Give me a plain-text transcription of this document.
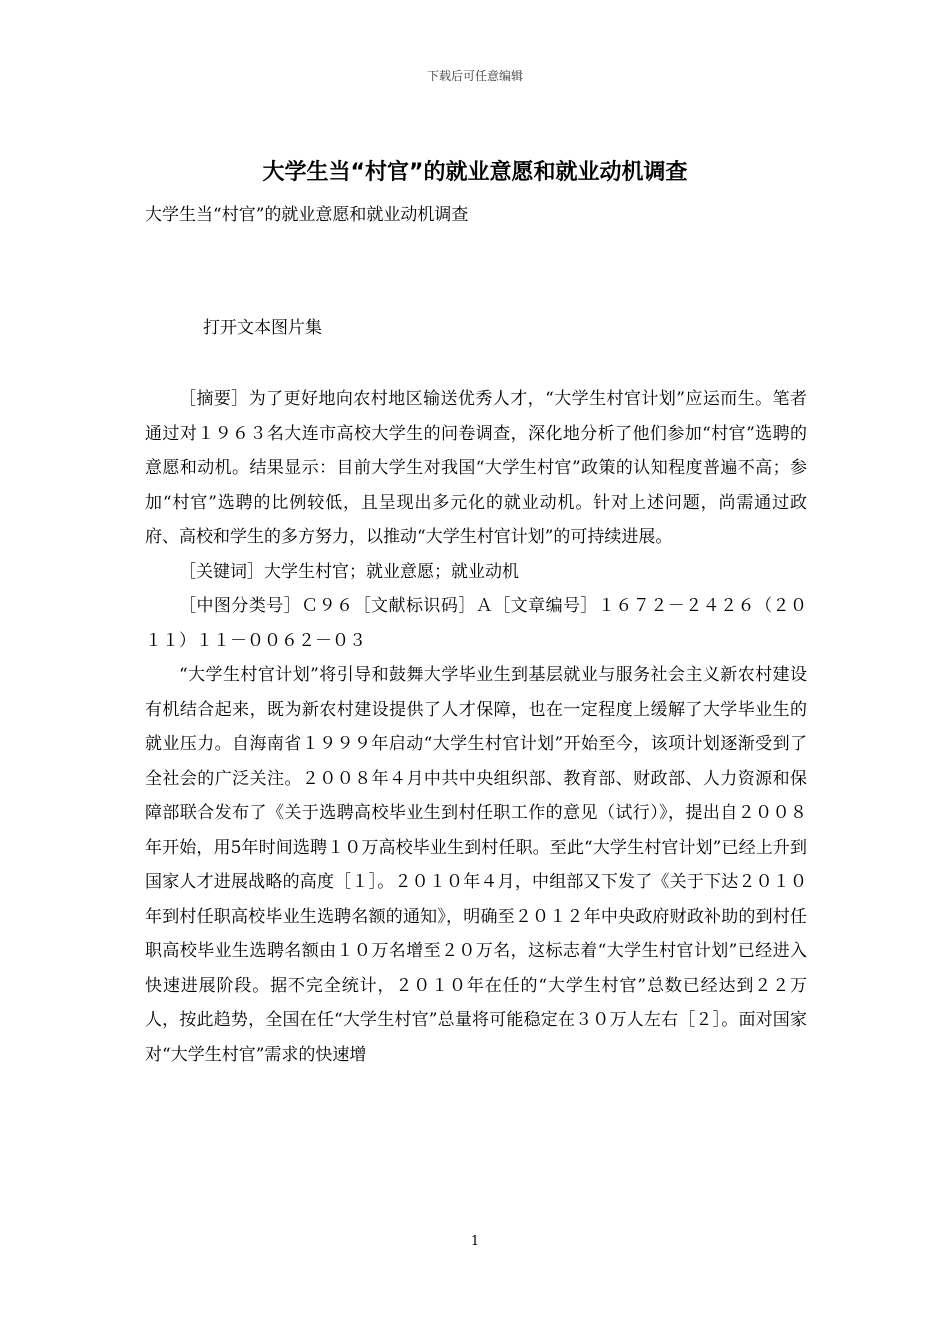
下载后可任意编辑
大学生当“村官”的就业意愿和就业动机调查
大学生当“村官”的就业意愿和就业动机调查
打开文本图片集

［摘要］为了更好地向农村地区输送优秀人才，“大学生村官计划”应运而生。笔者通过对１９６３名大连市高校大学生的问卷调查，深化地分析了他们参加“村官”选聘的意愿和动机。结果显示：目前大学生对我国“大学生村官”政策的认知程度普遍不高；参加“村官”选聘的比例较低，且呈现出多元化的就业动机。针对上述问题，尚需通过政府、高校和学生的多方努力，以推动“大学生村官计划”的可持续进展。

［关键词］大学生村官；就业意愿；就业动机

［中图分类号］Ｃ９６［文献标识码］Ａ［文章编号］１６７２－２４２６（２０１１）１１－００６２－０３

“大学生村官计划”将引导和鼓舞大学毕业生到基层就业与服务社会主义新农村建设有机结合起来，既为新农村建设提供了人才保障，也在一定程度上缓解了大学毕业生的就业压力。自海南省１９９９年启动“大学生村官计划”开始至今，该项计划逐渐受到了全社会的广泛关注。２００８年４月中共中央组织部、教育部、财政部、人力资源和保障部联合发布了《关于选聘高校毕业生到村任职工作的意见（试行）》，提出自２００８年开始，用5年时间选聘１０万高校毕业生到村任职。至此“大学生村官计划”已经上升到国家人才进展战略的高度［１］。２０１０年４月，中组部又下发了《关于下达２０１０年到村任职高校毕业生选聘名额的通知》，明确至２０１２年中央政府财政补助的到村任职高校毕业生选聘名额由１０万名增至２０万名，这标志着“大学生村官计划”已经进入快速进展阶段。据不完全统计，２０１０年在任的“大学生村官”总数已经达到２２万人，按此趋势，全国在任“大学生村官”总量将可能稳定在３０万人左右［２］。面对国家对“大学生村官”需求的快速增

1
